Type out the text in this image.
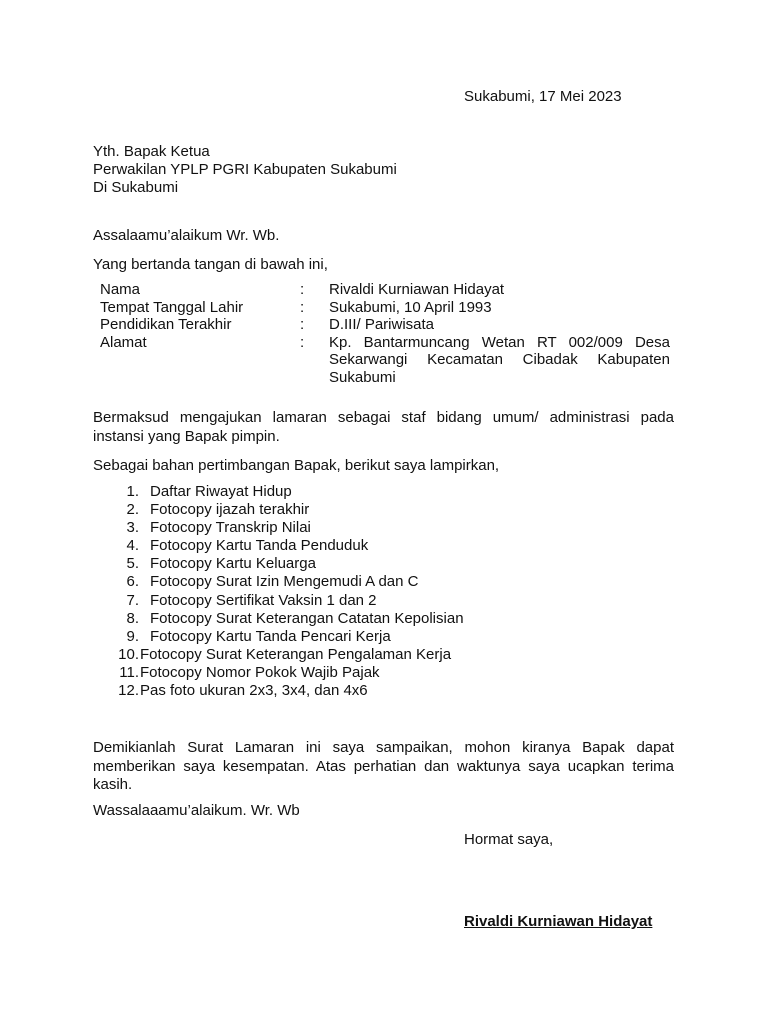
Sukabumi, 17 Mei 2023
Yth. Bapak Ketua
Perwakilan YPLP PGRI Kabupaten Sukabumi
Di Sukabumi
Assalaamu’alaikum Wr. Wb.
Yang bertanda tangan di bawah ini,
Nama	:	Rivaldi Kurniawan Hidayat
Tempat Tanggal Lahir	:	Sukabumi, 10 April 1993
Pendidikan Terakhir	:	D.III/ Pariwisata
Alamat	:	Kp. Bantarmuncang Wetan RT 002/009 Desa Sekarwangi Kecamatan Cibadak Kabupaten Sukabumi
Bermaksud mengajukan lamaran sebagai staf bidang umum/ administrasi pada instansi yang Bapak pimpin.
Sebagai bahan pertimbangan Bapak, berikut saya lampirkan,
1. Daftar Riwayat Hidup
2. Fotocopy ijazah terakhir
3. Fotocopy Transkrip Nilai
4. Fotocopy Kartu Tanda Penduduk
5. Fotocopy Kartu Keluarga
6. Fotocopy Surat Izin Mengemudi A dan C
7. Fotocopy Sertifikat Vaksin 1 dan 2
8. Fotocopy Surat Keterangan Catatan Kepolisian
9. Fotocopy Kartu Tanda Pencari Kerja
10. Fotocopy Surat Keterangan Pengalaman Kerja
11. Fotocopy Nomor Pokok Wajib Pajak
12. Pas foto ukuran 2x3, 3x4, dan 4x6
Demikianlah Surat Lamaran ini saya sampaikan, mohon kiranya Bapak dapat memberikan saya kesempatan. Atas perhatian dan waktunya saya ucapkan terima kasih.
Wassalaaamu’alaikum. Wr. Wb
Hormat saya,
Rivaldi Kurniawan Hidayat
